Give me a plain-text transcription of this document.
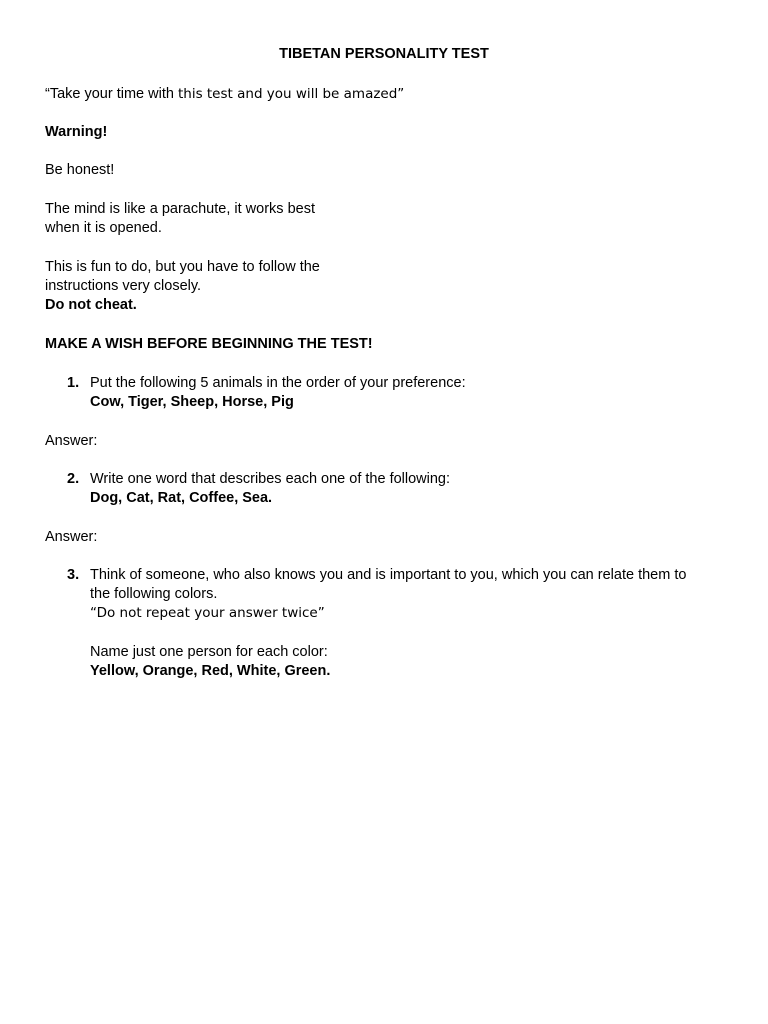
TIBETAN PERSONALITY TEST
“Take your time with this test and you will be amazed”
Warning!
Be honest!
The mind is like a parachute, it works best
when it is opened.
This is fun to do, but you have to follow the
instructions very closely.
Do not cheat.
MAKE A WISH BEFORE BEGINNING THE TEST!
1. Put the following 5 animals in the order of your preference:
Cow, Tiger, Sheep, Horse, Pig
Answer:
2. Write one word that describes each one of the following:
Dog, Cat, Rat, Coffee, Sea.
Answer:
3. Think of someone, who also knows you and is important to you, which you can relate them to
the following colors.
“Do not repeat your answer twice”
Name just one person for each color:
Yellow, Orange, Red, White, Green.
